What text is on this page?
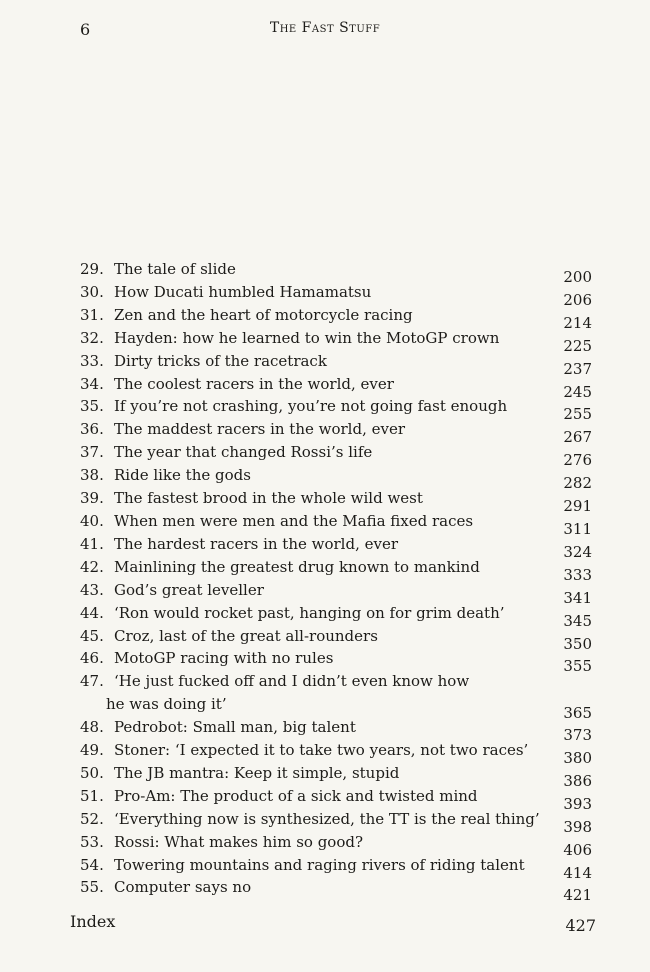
6	The Fast Stuff
29. The tale of slide	200
30. How Ducati humbled Hamamatsu	206
31. Zen and the heart of motorcycle racing	214
32. Hayden: how he learned to win the MotoGP crown	225
33. Dirty tricks of the racetrack	237
34. The coolest racers in the world, ever	245
35. If you’re not crashing, you’re not going fast enough	255
36. The maddest racers in the world, ever	267
37. The year that changed Rossi’s life	276
38. Ride like the gods	282
39. The fastest brood in the whole wild west	291
40. When men were men and the Mafia fixed races	311
41. The hardest racers in the world, ever	324
42. Mainlining the greatest drug known to mankind	333
43. God’s great leveller	341
44. ‘Ron would rocket past, hanging on for grim death’	345
45. Croz, last of the great all-rounders	350
46. MotoGP racing with no rules	355
47. ‘He just fucked off and I didn’t even know how
he was doing it’	365
48. Pedrobot: Small man, big talent	373
49. Stoner: ‘I expected it to take two years, not two races’ 380
50. The JB mantra: Keep it simple, stupid	386
51. Pro-Am: The product of a sick and twisted mind	393
52. ‘Everything now is synthesized, the TT is the real thing’ 398
53. Rossi: What makes him so good?	406
54. Towering mountains and raging rivers of riding talent	414
55. Computer says no	421
Index	427
